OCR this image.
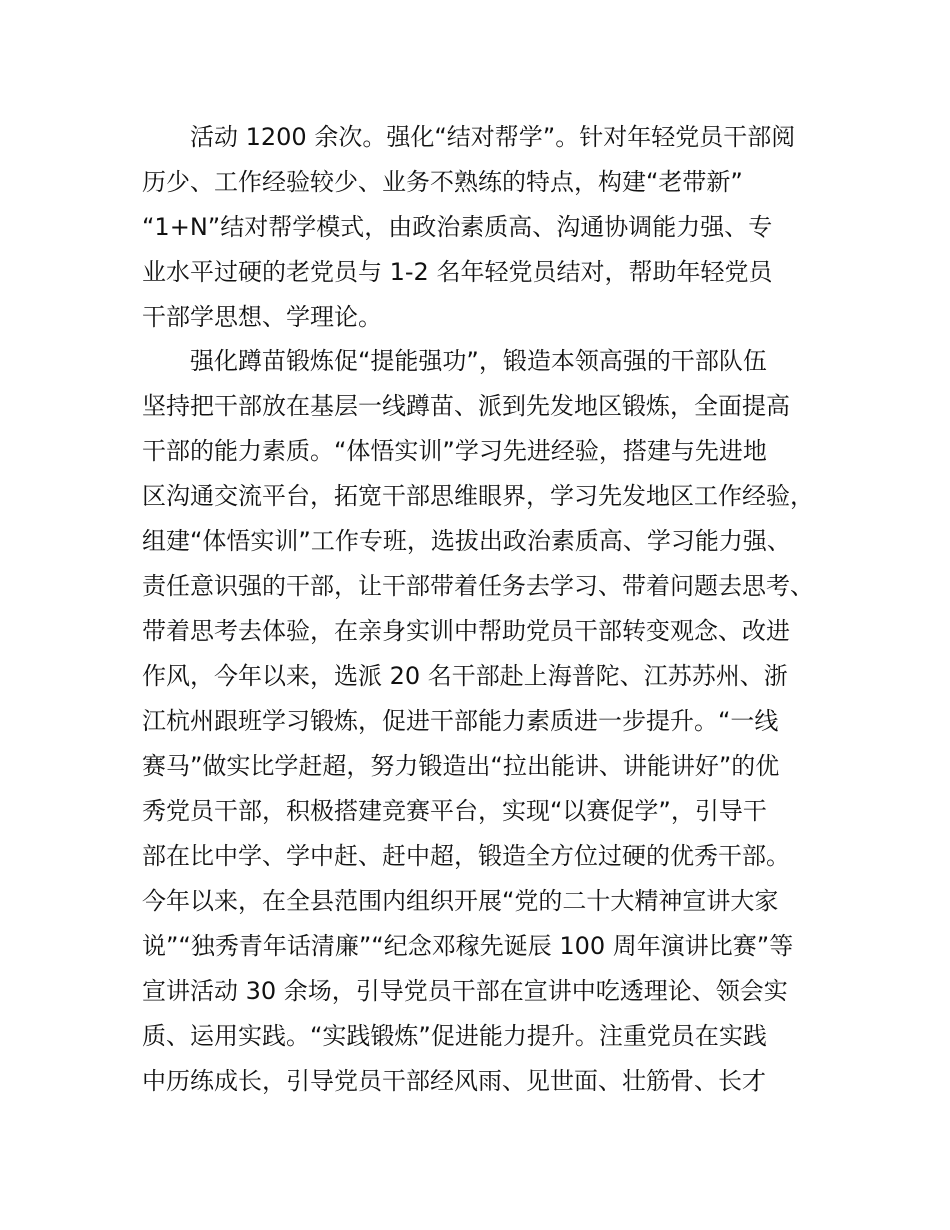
活动 1200 余次。强化“结对帮学”。针对年轻党员干部阅
历少、工作经验较少、业务不熟练的特点，构建“老带新”
“1+N”结对帮学模式，由政治素质高、沟通协调能力强、专
业水平过硬的老党员与 1-2 名年轻党员结对，帮助年轻党员
干部学思想、学理论。
强化蹲苗锻炼促“提能强功”，锻造本领高强的干部队伍
坚持把干部放在基层一线蹲苗、派到先发地区锻炼，全面提高
干部的能力素质。“体悟实训”学习先进经验，搭建与先进地
区沟通交流平台，拓宽干部思维眼界，学习先发地区工作经验，
组建“体悟实训”工作专班，选拔出政治素质高、学习能力强、
责任意识强的干部，让干部带着任务去学习、带着问题去思考、
带着思考去体验，在亲身实训中帮助党员干部转变观念、改进
作风，今年以来，选派 20 名干部赴上海普陀、江苏苏州、浙
江杭州跟班学习锻炼，促进干部能力素质进一步提升。“一线
赛马”做实比学赶超，努力锻造出“拉出能讲、讲能讲好”的优
秀党员干部，积极搭建竞赛平台，实现“以赛促学”，引导干
部在比中学、学中赶、赶中超，锻造全方位过硬的优秀干部。
今年以来，在全县范围内组织开展“党的二十大精神宣讲大家
说”“独秀青年话清廉”“纪念邓稼先诞辰 100 周年演讲比赛”等
宣讲活动 30 余场，引导党员干部在宣讲中吃透理论、领会实
质、运用实践。“实践锻炼”促进能力提升。注重党员在实践
中历练成长，引导党员干部经风雨、见世面、壮筋骨、长才
